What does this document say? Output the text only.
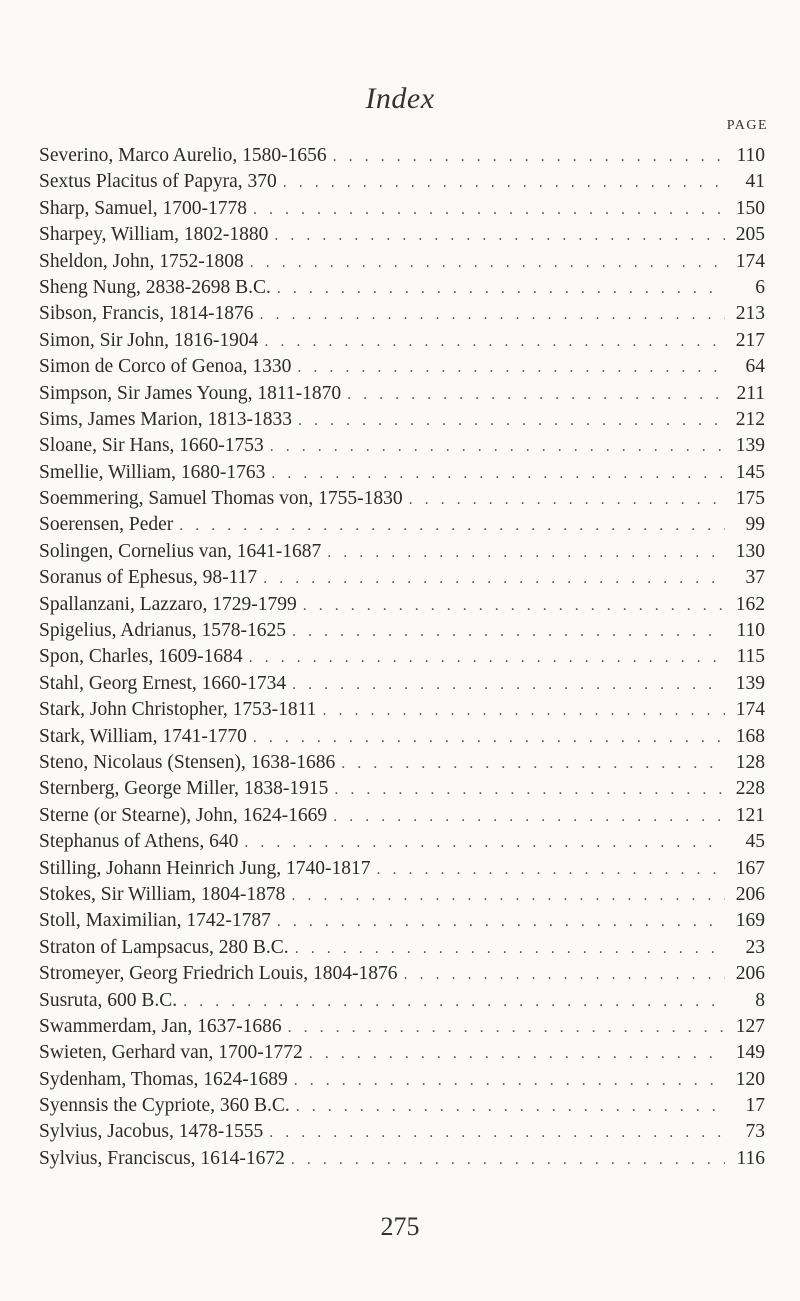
Index
PAGE
Severino, Marco Aurelio, 1580-1656 . . .	110
Sextus Placitus of Papyra, 370 . . .	41
Sharp, Samuel, 1700-1778 . . .	150
Sharpey, William, 1802-1880 . . .	205
Sheldon, John, 1752-1808 . . .	174
Sheng Nung, 2838-2698 B.C. . . .	6
Sibson, Francis, 1814-1876 . . .	213
Simon, Sir John, 1816-1904 . . .	217
Simon de Corco of Genoa, 1330 . . .	64
Simpson, Sir James Young, 1811-1870 . . .	211
Sims, James Marion, 1813-1833 . . .	212
Sloane, Sir Hans, 1660-1753 . . .	139
Smellie, William, 1680-1763 . . .	145
Soemmering, Samuel Thomas von, 1755-1830 . . .	175
Soerensen, Peder . . .	99
Solingen, Cornelius van, 1641-1687 . . .	130
Soranus of Ephesus, 98-117 . . .	37
Spallanzani, Lazzaro, 1729-1799 . . .	162
Spigelius, Adrianus, 1578-1625 . . .	110
Spon, Charles, 1609-1684 . . .	115
Stahl, Georg Ernest, 1660-1734 . . .	139
Stark, John Christopher, 1753-1811 . . .	174
Stark, William, 1741-1770 . . .	168
Steno, Nicolaus (Stensen), 1638-1686 . . .	128
Sternberg, George Miller, 1838-1915 . . .	228
Sterne (or Stearne), John, 1624-1669 . . .	121
Stephanus of Athens, 640 . . .	45
Stilling, Johann Heinrich Jung, 1740-1817 . . .	167
Stokes, Sir William, 1804-1878 . . .	206
Stoll, Maximilian, 1742-1787 . . .	169
Straton of Lampsacus, 280 B.C. . . .	23
Stromeyer, Georg Friedrich Louis, 1804-1876 . . .	206
Susruta, 600 B.C. . . .	8
Swammerdam, Jan, 1637-1686 . . .	127
Swieten, Gerhard van, 1700-1772 . . .	149
Sydenham, Thomas, 1624-1689 . . .	120
Syennsis the Cypriote, 360 B.C. . . .	17
Sylvius, Jacobus, 1478-1555 . . .	73
Sylvius, Franciscus, 1614-1672 . . .	116
275
